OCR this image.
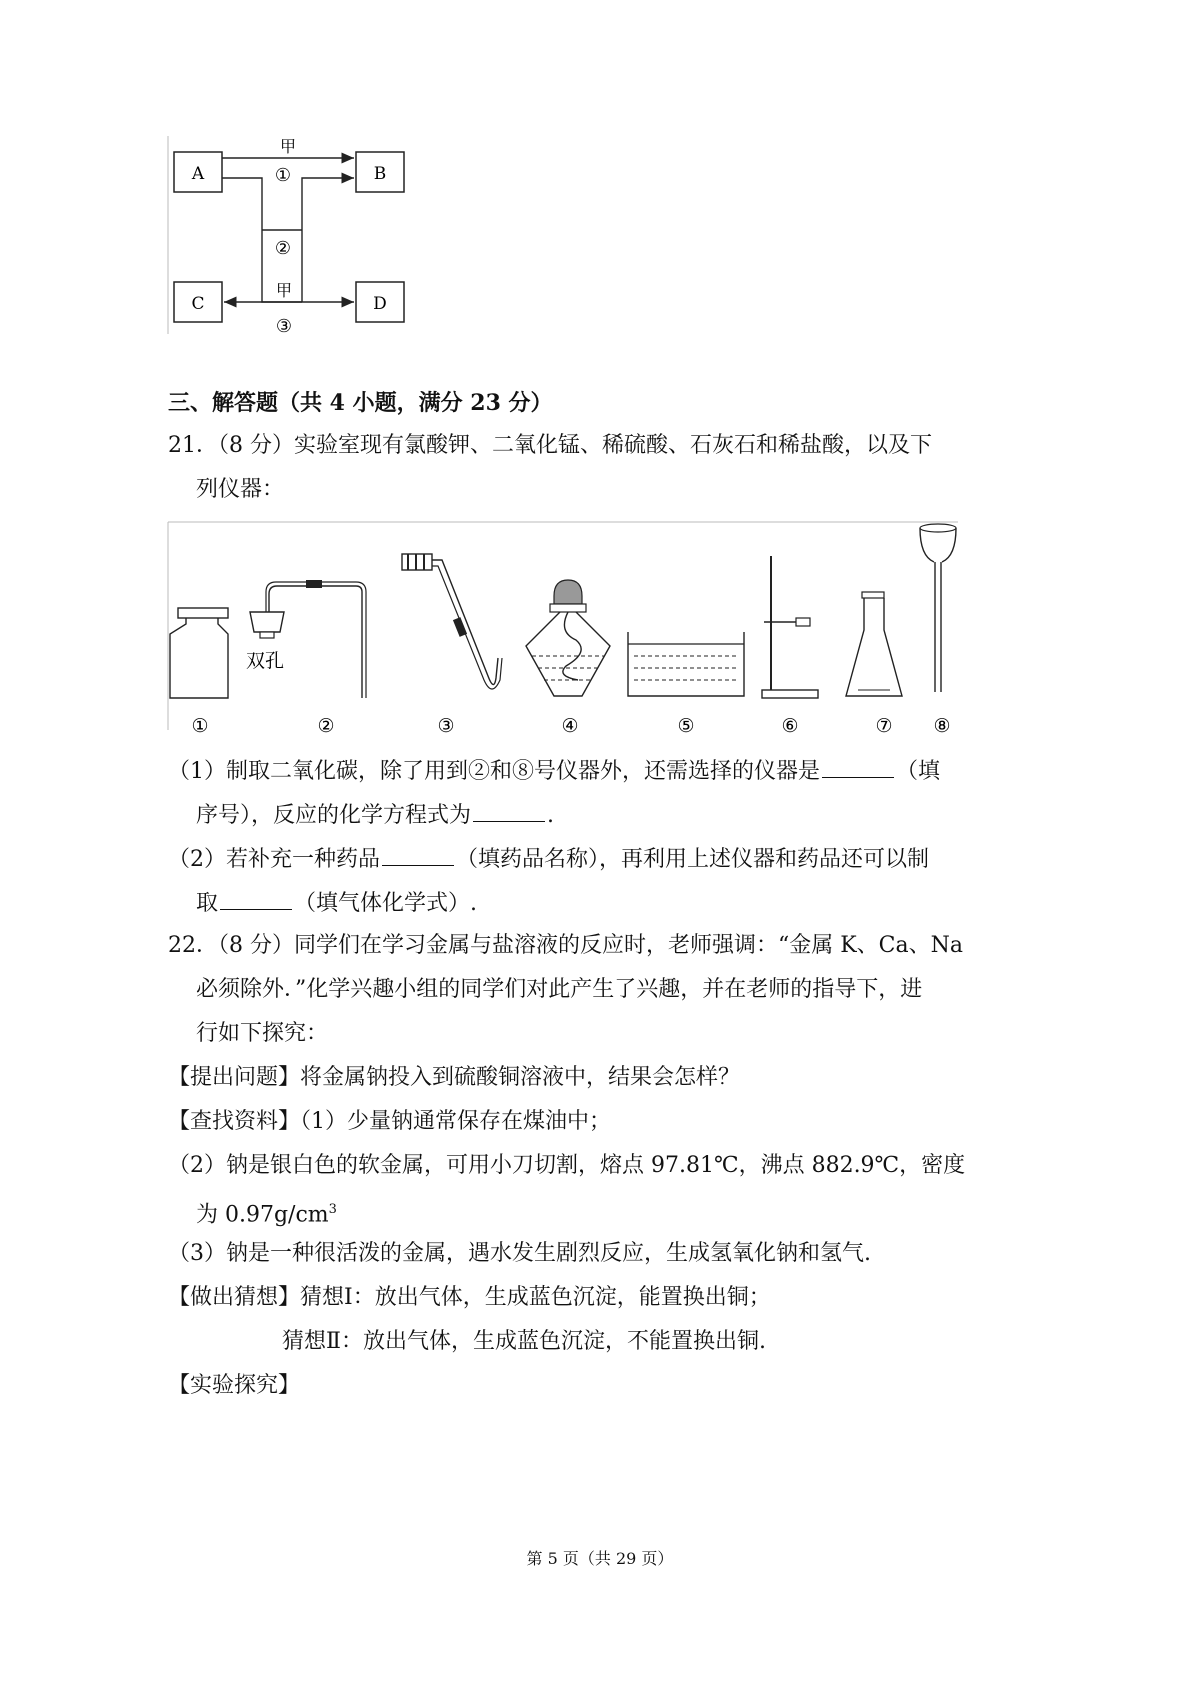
A	B
C	D
甲
①
②
甲
③
三、解答题（共 4 小题，满分 23 分）
21．（8 分）实验室现有氯酸钾、二氧化锰、稀硫酸、石灰石和稀盐酸，以及下
列仪器：
双孔
①	②	③	④	⑤	⑥	⑦ ⑧
（1）制取二氧化碳，除了用到②和⑧号仪器外，还需选择的仪器是	（填
序号），反应的化学方程式为	.
（2）若补充一种药品	（填药品名称），再利用上述仪器和药品还可以制
取	（填气体化学式）.
22．（8 分）同学们在学习金属与盐溶液的反应时，老师强调：“金属 K、Ca、Na
必须除外．”化学兴趣小组的同学们对此产生了兴趣，并在老师的指导下，进
行如下探究：
【提出问题】将金属钠投入到硫酸铜溶液中，结果会怎样？
【查找资料】（1）少量钠通常保存在煤油中；
（2）钠是银白色的软金属，可用小刀切割，熔点 97.81℃，沸点 882.9℃，密度
为 $0.97g/cm^3$
（3）钠是一种很活泼的金属，遇水发生剧烈反应，生成氢氧化钠和氢气.
【做出猜想】猜想Ⅰ：放出气体，生成蓝色沉淀，能置换出铜；
猜想Ⅱ：放出气体，生成蓝色沉淀，不能置换出铜.
【实验探究】
第 5 页（共 29 页）
